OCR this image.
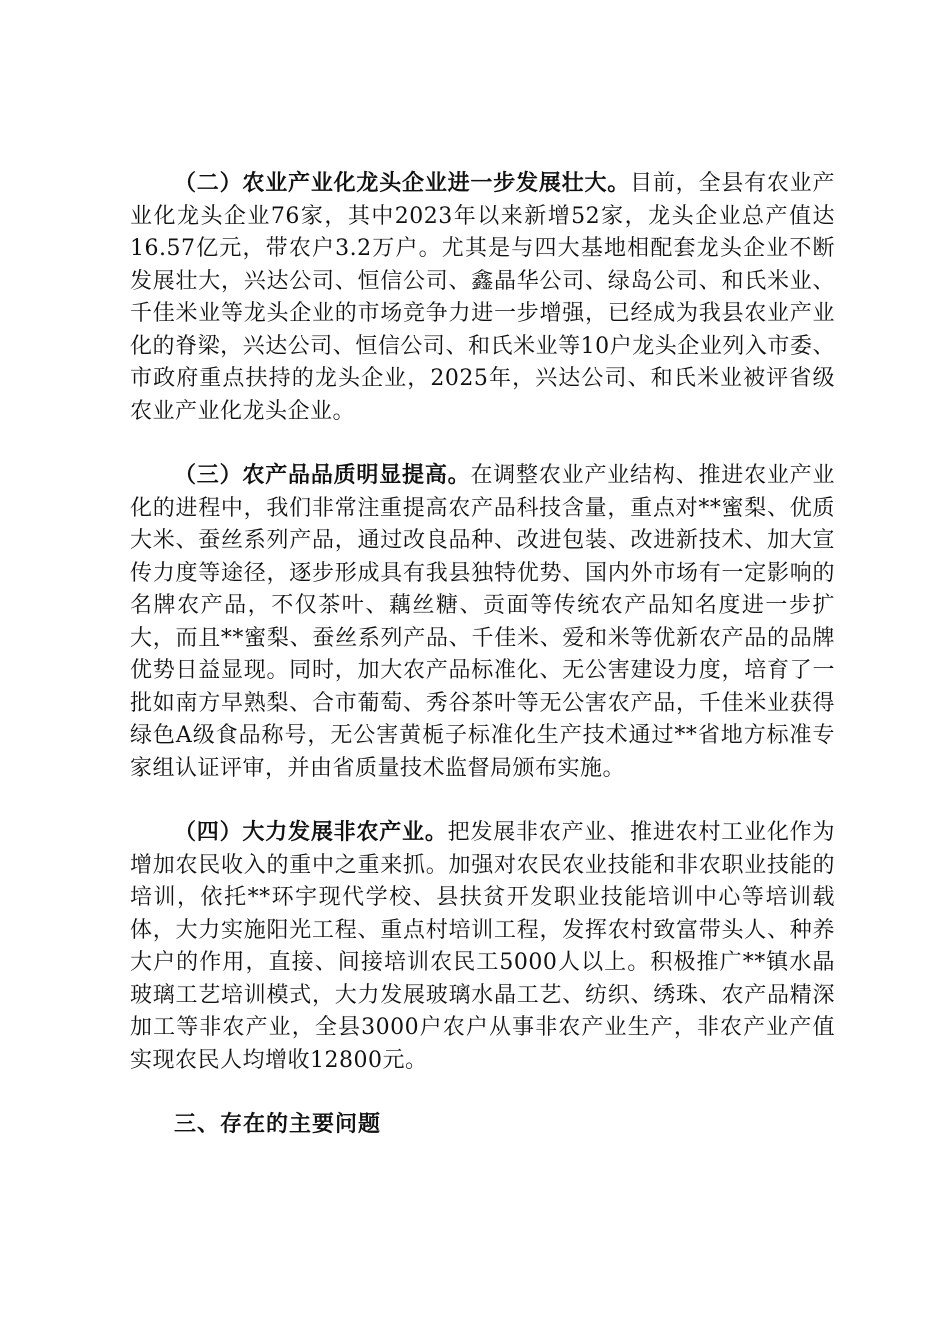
（二）农业产业化龙头企业进一步发展壮大。目前，全县有农业产业化龙头企业76家，其中2023年以来新增52家，龙头企业总产值达16.57亿元，带农户3.2万户。尤其是与四大基地相配套龙头企业不断发展壮大，兴达公司、恒信公司、鑫晶华公司、绿岛公司、和氏米业、千佳米业等龙头企业的市场竞争力进一步增强，已经成为我县农业产业化的脊梁，兴达公司、恒信公司、和氏米业等10户龙头企业列入市委、市政府重点扶持的龙头企业，2025年，兴达公司、和氏米业被评省级农业产业化龙头企业。

（三）农产品品质明显提高。在调整农业产业结构、推进农业产业化的进程中，我们非常注重提高农产品科技含量，重点对**蜜梨、优质大米、蚕丝系列产品，通过改良品种、改进包装、改进新技术、加大宣传力度等途径，逐步形成具有我县独特优势、国内外市场有一定影响的名牌农产品，不仅茶叶、藕丝糖、贡面等传统农产品知名度进一步扩大，而且**蜜梨、蚕丝系列产品、千佳米、爱和米等优新农产品的品牌优势日益显现。同时，加大农产品标准化、无公害建设力度，培育了一批如南方早熟梨、合市葡萄、秀谷茶叶等无公害农产品，千佳米业获得绿色A级食品称号，无公害黄栀子标准化生产技术通过**省地方标准专家组认证评审，并由省质量技术监督局颁布实施。

（四）大力发展非农产业。把发展非农产业、推进农村工业化作为增加农民收入的重中之重来抓。加强对农民农业技能和非农职业技能的培训，依托**环宇现代学校、县扶贫开发职业技能培训中心等培训载体，大力实施阳光工程、重点村培训工程，发挥农村致富带头人、种养大户的作用，直接、间接培训农民工5000人以上。积极推广**镇水晶玻璃工艺培训模式，大力发展玻璃水晶工艺、纺织、绣珠、农产品精深加工等非农产业，全县3000户农户从事非农产业生产，非农产业产值实现农民人均增收12800元。

三、存在的主要问题
